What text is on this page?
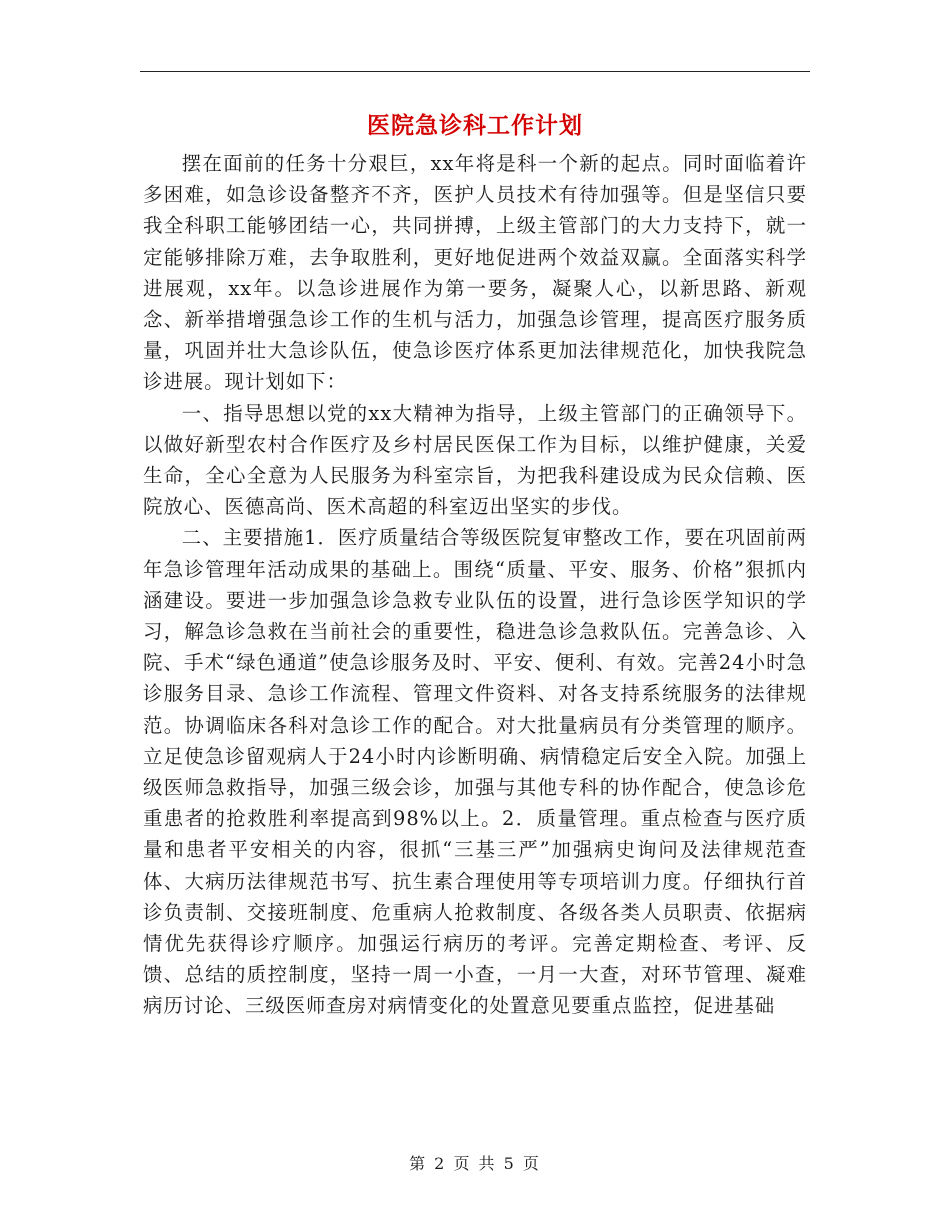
医院急诊科工作计划

摆在面前的任务十分艰巨，xx年将是科一个新的起点。同时面临着许多困难，如急诊设备整齐不齐，医护人员技术有待加强等。但是坚信只要我全科职工能够团结一心，共同拼搏，上级主管部门的大力支持下，就一定能够排除万难，去争取胜利，更好地促进两个效益双赢。全面落实科学进展观，xx年。以急诊进展作为第一要务，凝聚人心，以新思路、新观念、新举措增强急诊工作的生机与活力，加强急诊管理，提高医疗服务质量，巩固并壮大急诊队伍，使急诊医疗体系更加法律规范化，加快我院急诊进展。现计划如下：

一、指导思想以党的xx大精神为指导，上级主管部门的正确领导下。以做好新型农村合作医疗及乡村居民医保工作为目标，以维护健康，关爱生命，全心全意为人民服务为科室宗旨，为把我科建设成为民众信赖、医院放心、医德高尚、医术高超的科室迈出坚实的步伐。

二、主要措施1．医疗质量结合等级医院复审整改工作，要在巩固前两年急诊管理年活动成果的基础上。围绕“质量、平安、服务、价格”狠抓内涵建设。要进一步加强急诊急救专业队伍的设置，进行急诊医学知识的学习，解急诊急救在当前社会的重要性，稳进急诊急救队伍。完善急诊、入院、手术“绿色通道”使急诊服务及时、平安、便利、有效。完善24小时急诊服务目录、急诊工作流程、管理文件资料、对各支持系统服务的法律规范。协调临床各科对急诊工作的配合。对大批量病员有分类管理的顺序。立足使急诊留观病人于24小时内诊断明确、病情稳定后安全入院。加强上级医师急救指导，加强三级会诊，加强与其他专科的协作配合，使急诊危重患者的抢救胜利率提高到98%以上。2．质量管理。重点检查与医疗质量和患者平安相关的内容，很抓“三基三严”加强病史询问及法律规范查体、大病历法律规范书写、抗生素合理使用等专项培训力度。仔细执行首诊负责制、交接班制度、危重病人抢救制度、各级各类人员职责、依据病情优先获得诊疗顺序。加强运行病历的考评。完善定期检查、考评、反馈、总结的质控制度，坚持一周一小查，一月一大查，对环节管理、凝难病历讨论、三级医师查房对病情变化的处置意见要重点监控，促进基础

第 2 页 共 5 页
